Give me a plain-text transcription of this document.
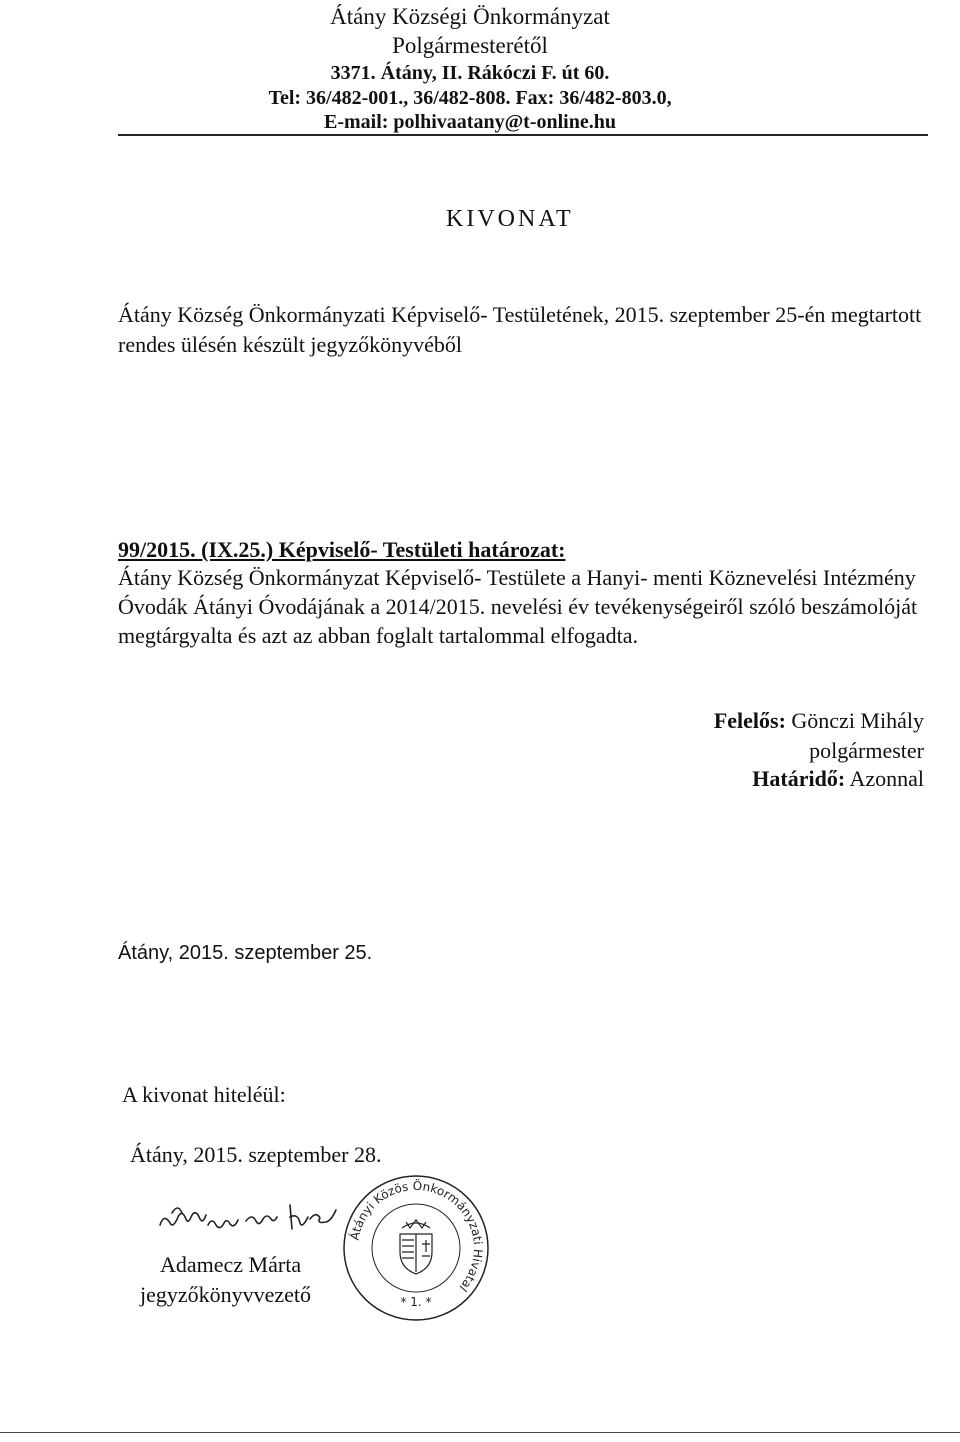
Átány Községi Önkormányzat
Polgármesterétől
3371. Átány, II. Rákóczi F. út 60.
Tel: 36/482-001., 36/482-808. Fax: 36/482-803.0,
E-mail: polhivaatany@t-online.hu
KIVONAT
Átány Község Önkormányzati Képviselő- Testületének, 2015. szeptember 25-én megtartott rendes ülésén készült jegyzőkönyvéből
99/2015. (IX.25.) Képviselő- Testületi határozat:
Átány Község Önkormányzat Képviselő- Testülete a Hanyi- menti Köznevelési Intézmény Óvodák Átányi Óvodájának a 2014/2015. nevelési év tevékenységeiről szóló beszámolóját megtárgyalta és azt az abban foglalt tartalommal elfogadta.
Felelős: Gönczi Mihály
polgármester
Határidő: Azonnal
Átány, 2015. szeptember 25.
A kivonat hiteléül:
Átány, 2015. szeptember 28.
Adamecz Márta
jegyzőkönyvvezető
Átányi Közös Önkormányzati Hivatal
* 1. *
